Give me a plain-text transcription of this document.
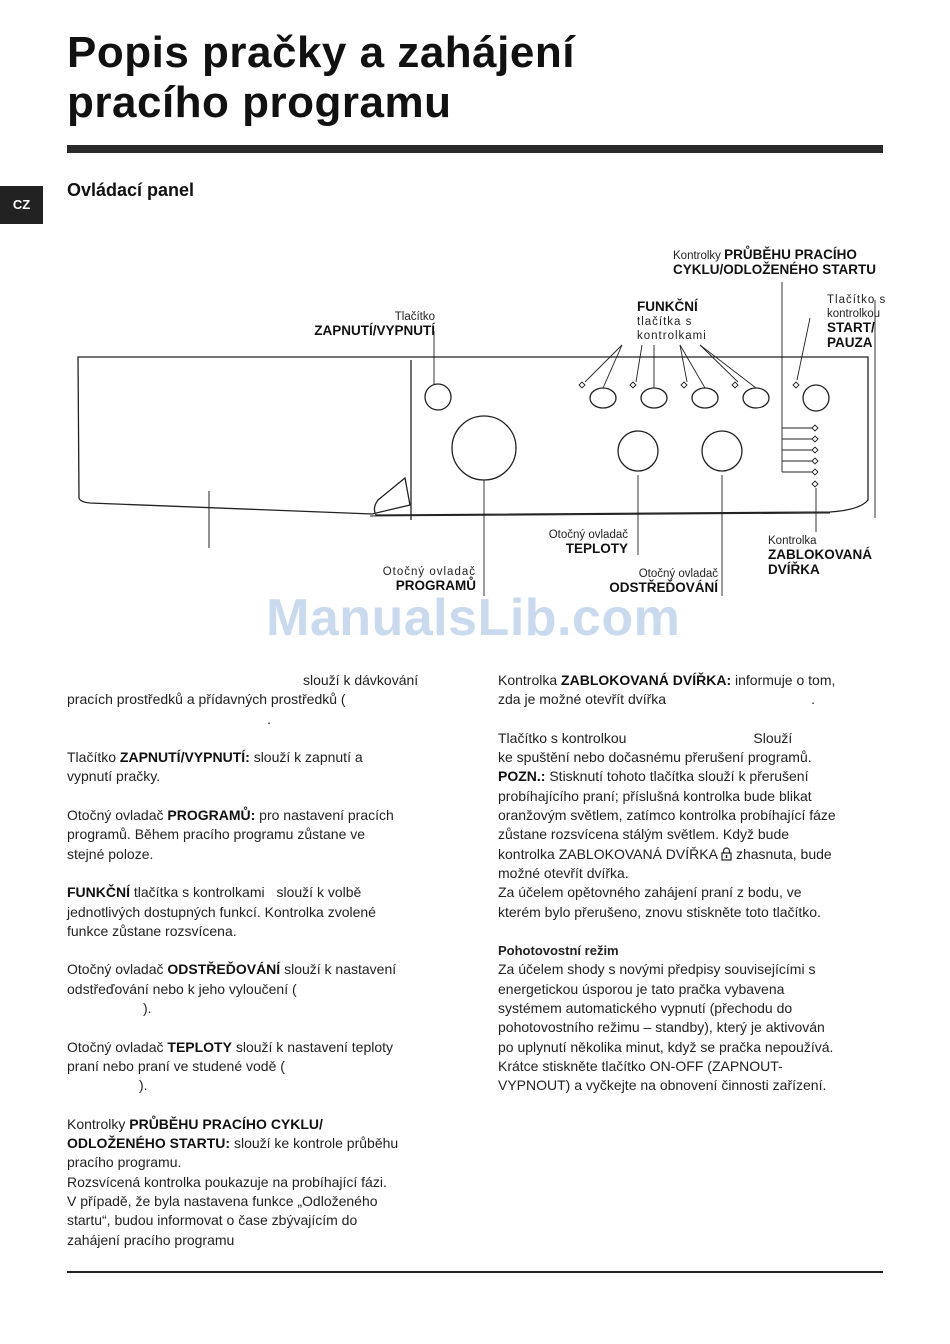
Popis pračky a zahájení
pracího programu
CZ
Ovládací panel
Kontrolky PRŮBĚHU PRACÍHO
CYKLU/ODLOŽENÉHO STARTU
Tlačítko
ZAPNUTÍ/VYPNUTÍ
FUNKČNÍ
tlačítka s
kontrolkami
Tlačítko s
kontrolkou
START/
PAUZA
Otočný ovladač
TEPLOTY	Kontrolka
ZABLOKOVANÁ
DVÍŘKA
Otočný ovladač
PROGRAMŮ
Otočný ovladač
ODSTŘEĎOVÁNÍ
ManualsLib.com

slouží k dávkování
pracích prostředků a přídavných prostředků (
.

Tlačítko ZAPNUTÍ/VYPNUTÍ: slouží k zapnutí a
vypnutí pračky.

Otočný ovladač PROGRAMŮ: pro nastavení pracích
programů. Během pracího programu zůstane ve
stejné poloze.

FUNKČNÍ tlačítka s kontrolkami slouží k volbě
jednotlivých dostupných funkcí. Kontrolka zvolené
funkce zůstane rozsvícena.

Otočný ovladač ODSTŘEĎOVÁNÍ slouží k nastavení
odstřeďování nebo k jeho vyloučení (
).

Otočný ovladač TEPLOTY slouží k nastavení teploty
praní nebo praní ve studené vodě (
).

Kontrolky PRŮBĚHU PRACÍHO CYKLU/
ODLOŽENÉHO STARTU: slouží ke kontrole průběhu
pracího programu.
Rozsvícená kontrolka poukazuje na probíhající fázi.
V případě, že byla nastavena funkce „Odloženého
startu“, budou informovat o čase zbývajícím do
zahájení pracího programu

Kontrolka ZABLOKOVANÁ DVÍŘKA: informuje o tom,
zda je možné otevřít dvířka	.

Tlačítko s kontrolkou	Slouží
ke spuštění nebo dočasnému přerušení programů.
POZN.: Stisknutí tohoto tlačítka slouží k přerušení
probíhajícího praní; příslušná kontrolka bude blikat
oranžovým světlem, zatímco kontrolka probíhající fáze
zůstane rozsvícena stálým světlem. Když bude
kontrolka ZABLOKOVANÁ DVÍŘKA zhasnuta, bude
možné otevřít dvířka.
Za účelem opětovného zahájení praní z bodu, ve
kterém bylo přerušeno, znovu stiskněte toto tlačítko.

Pohotovostní režim
Za účelem shody s novými předpisy souvisejícími s
energetickou úsporou je tato pračka vybavena
systémem automatického vypnutí (přechodu do
pohotovostního režimu – standby), který je aktivován
po uplynutí několika minut, když se pračka nepoužívá.
Krátce stiskněte tlačítko ON-OFF (ZAPNOUT-
VYPNOUT) a vyčkejte na obnovení činnosti zařízení.
